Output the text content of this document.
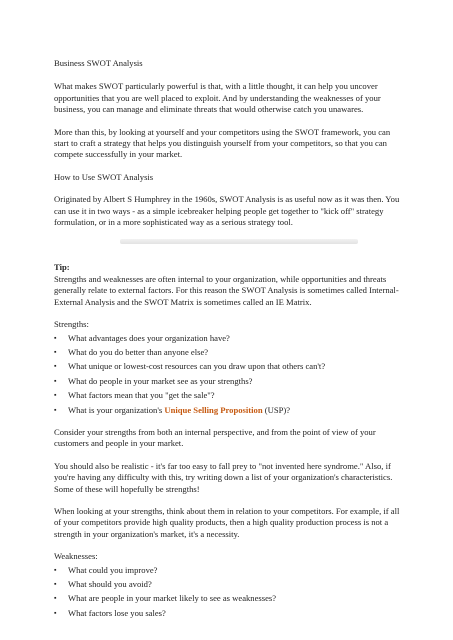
Business SWOT Analysis

What makes SWOT particularly powerful is that, with a little thought, it can help you uncover opportunities that you are well placed to exploit. And by understanding the weaknesses of your business, you can manage and eliminate threats that would otherwise catch you unawares.

More than this, by looking at yourself and your competitors using the SWOT framework, you can start to craft a strategy that helps you distinguish yourself from your competitors, so that you can compete successfully in your market.

How to Use SWOT Analysis

Originated by Albert S Humphrey in the 1960s, SWOT Analysis is as useful now as it was then. You can use it in two ways - as a simple icebreaker helping people get together to "kick off" strategy formulation, or in a more sophisticated way as a serious strategy tool.

Tip:

Strengths and weaknesses are often internal to your organization, while opportunities and threats generally relate to external factors. For this reason the SWOT Analysis is sometimes called Internal-External Analysis and the SWOT Matrix is sometimes called an IE Matrix.

Strengths:

▪ What advantages does your organization have?
▪ What do you do better than anyone else?
▪ What unique or lowest-cost resources can you draw upon that others can't?
▪ What do people in your market see as your strengths?
▪ What factors mean that you "get the sale"?
▪ What is your organization's Unique Selling Proposition (USP)?

Consider your strengths from both an internal perspective, and from the point of view of your customers and people in your market.

You should also be realistic - it's far too easy to fall prey to "not invented here syndrome." Also, if you're having any difficulty with this, try writing down a list of your organization's characteristics. Some of these will hopefully be strengths!

When looking at your strengths, think about them in relation to your competitors. For example, if all of your competitors provide high quality products, then a high quality production process is not a strength in your organization's market, it's a necessity.

Weaknesses:

▪ What could you improve?
▪ What should you avoid?
▪ What are people in your market likely to see as weaknesses?
▪ What factors lose you sales?
